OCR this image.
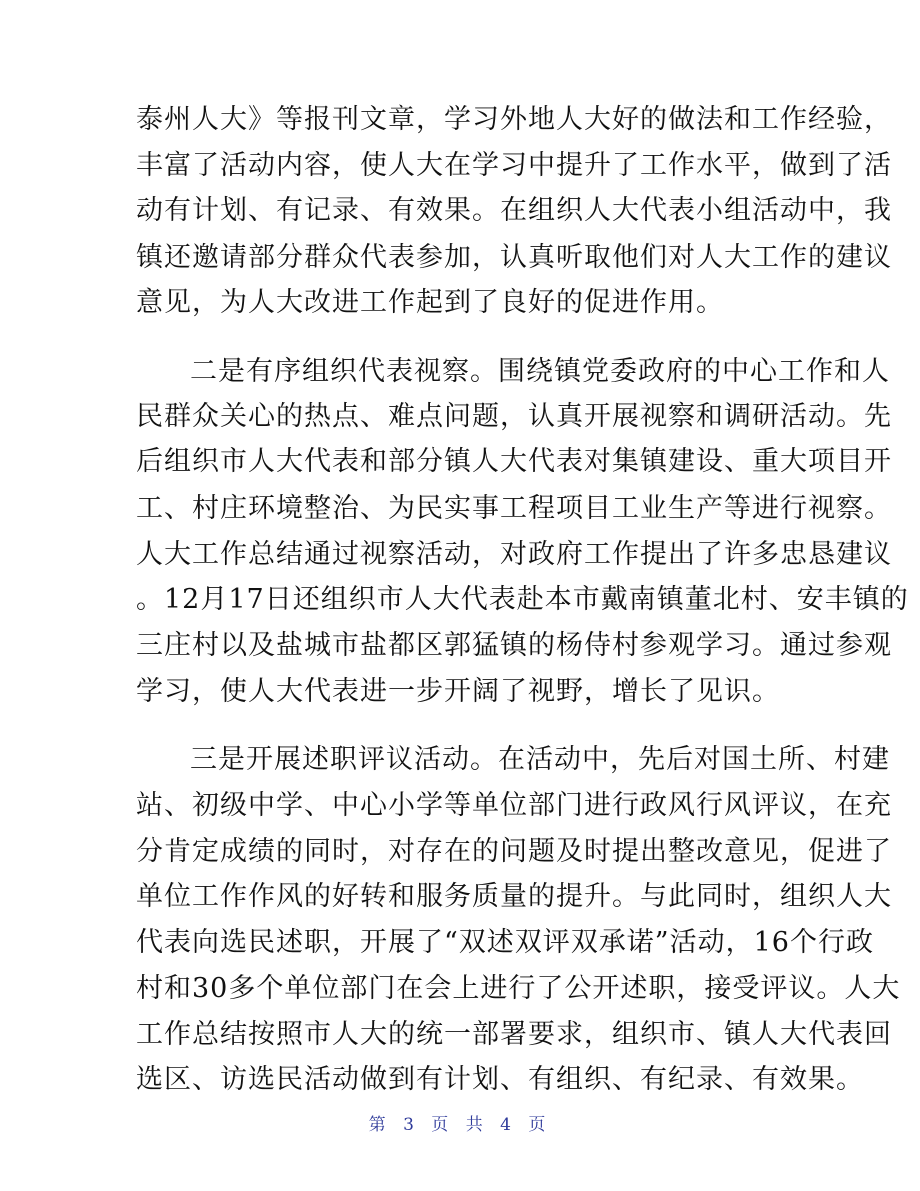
泰州人大》等报刊文章，学习外地人大好的做法和工作经验，
丰富了活动内容，使人大在学习中提升了工作水平，做到了活
动有计划、有记录、有效果。在组织人大代表小组活动中，我
镇还邀请部分群众代表参加，认真听取他们对人大工作的建议
意见，为人大改进工作起到了良好的促进作用。
二是有序组织代表视察。围绕镇党委政府的中心工作和人
民群众关心的热点、难点问题，认真开展视察和调研活动。先
后组织市人大代表和部分镇人大代表对集镇建设、重大项目开
工、村庄环境整治、为民实事工程项目工业生产等进行视察。
人大工作总结通过视察活动，对政府工作提出了许多忠恳建议
。12月17日还组织市人大代表赴本市戴南镇董北村、安丰镇的
三庄村以及盐城市盐都区郭猛镇的杨侍村参观学习。通过参观
学习，使人大代表进一步开阔了视野，增长了见识。
三是开展述职评议活动。在活动中，先后对国土所、村建
站、初级中学、中心小学等单位部门进行政风行风评议，在充
分肯定成绩的同时，对存在的问题及时提出整改意见，促进了
单位工作作风的好转和服务质量的提升。与此同时，组织人大
代表向选民述职，开展了“双述双评双承诺”活动，16个行政
村和30多个单位部门在会上进行了公开述职，接受评议。人大
工作总结按照市人大的统一部署要求，组织市、镇人大代表回
选区、访选民活动做到有计划、有组织、有纪录、有效果。
第 3 页 共 4 页
